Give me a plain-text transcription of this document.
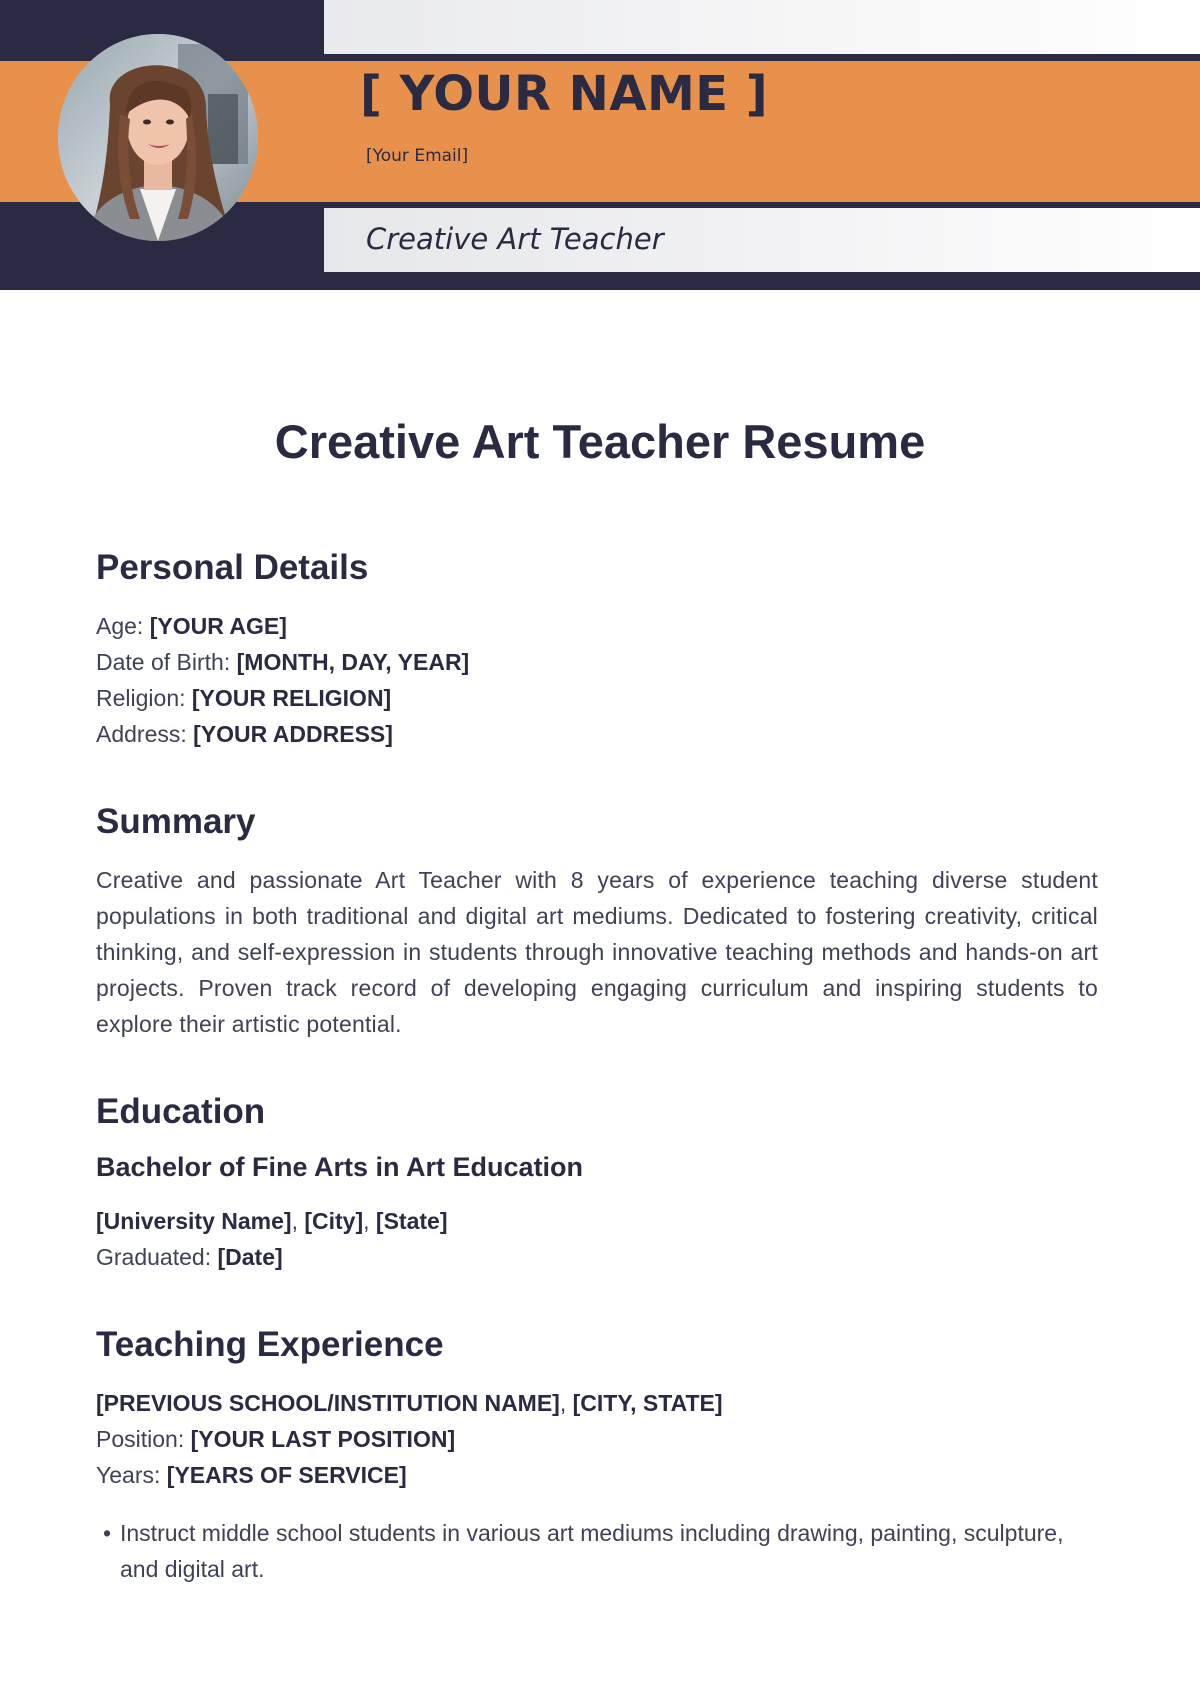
[ YOUR NAME ]
[Your Email]
Creative Art Teacher
Creative Art Teacher Resume
Personal Details

Age: [YOUR AGE]

Date of Birth: [MONTH, DAY, YEAR]

Religion: [YOUR RELIGION]

Address: [YOUR ADDRESS]

Summary

Creative and passionate Art Teacher with 8 years of experience teaching diverse student populations in both traditional and digital art mediums. Dedicated to fostering creativity, critical thinking, and self-expression in students through innovative teaching methods and hands-on art projects. Proven track record of developing engaging curriculum and inspiring students to explore their artistic potential.

Education
Bachelor of Fine Arts in Art Education

[University Name], [City], [State]

Graduated: [Date]

Teaching Experience

[PREVIOUS SCHOOL/INSTITUTION NAME], [CITY, STATE]

Position: [YOUR LAST POSITION]

Years: [YEARS OF SERVICE]

• Instruct middle school students in various art mediums including drawing, painting, sculpture, and digital art.
